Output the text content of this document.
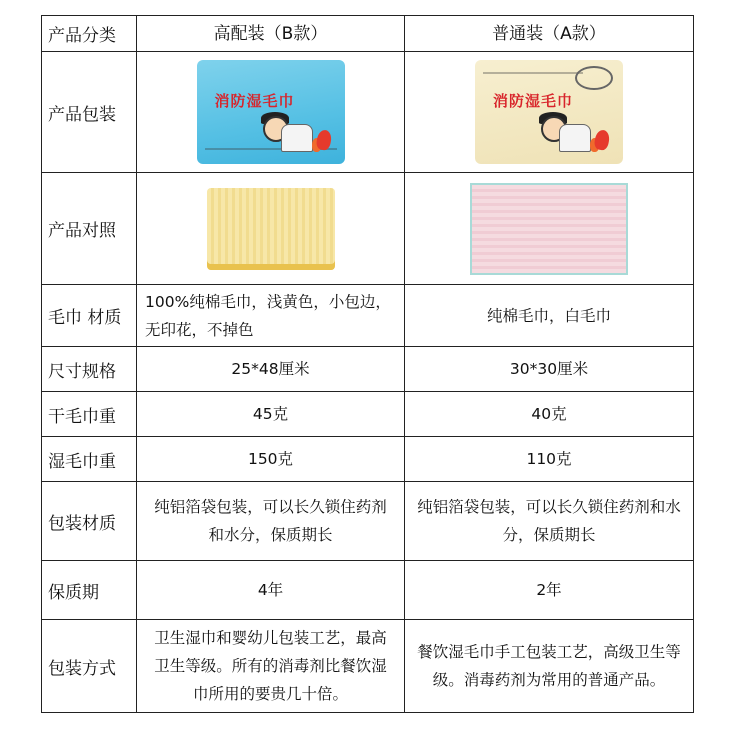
产品分类	高配装（B款）	普通装（A款）
产品包装	消防湿毛巾	消防湿毛巾

产品对照	

毛巾 材质	100%纯棉毛巾，浅黄色，小包边，无印花，不掉色	纯棉毛巾，白毛巾
尺寸规格	25*48厘米	30*30厘米
干毛巾重	45克	40克
湿毛巾重	150克	110克
包装材质	纯铝箔袋包装，可以长久锁住药剂和水分，保质期长	纯铝箔袋包装，可以长久锁住药剂和水分，保质期长
保质期	4年	2年
包装方式	卫生湿巾和婴幼儿包装工艺，最高卫生等级。所有的消毒剂比餐饮湿巾所用的要贵几十倍。	餐饮湿毛巾手工包装工艺，高级卫生等级。消毒药剂为常用的普通产品。
